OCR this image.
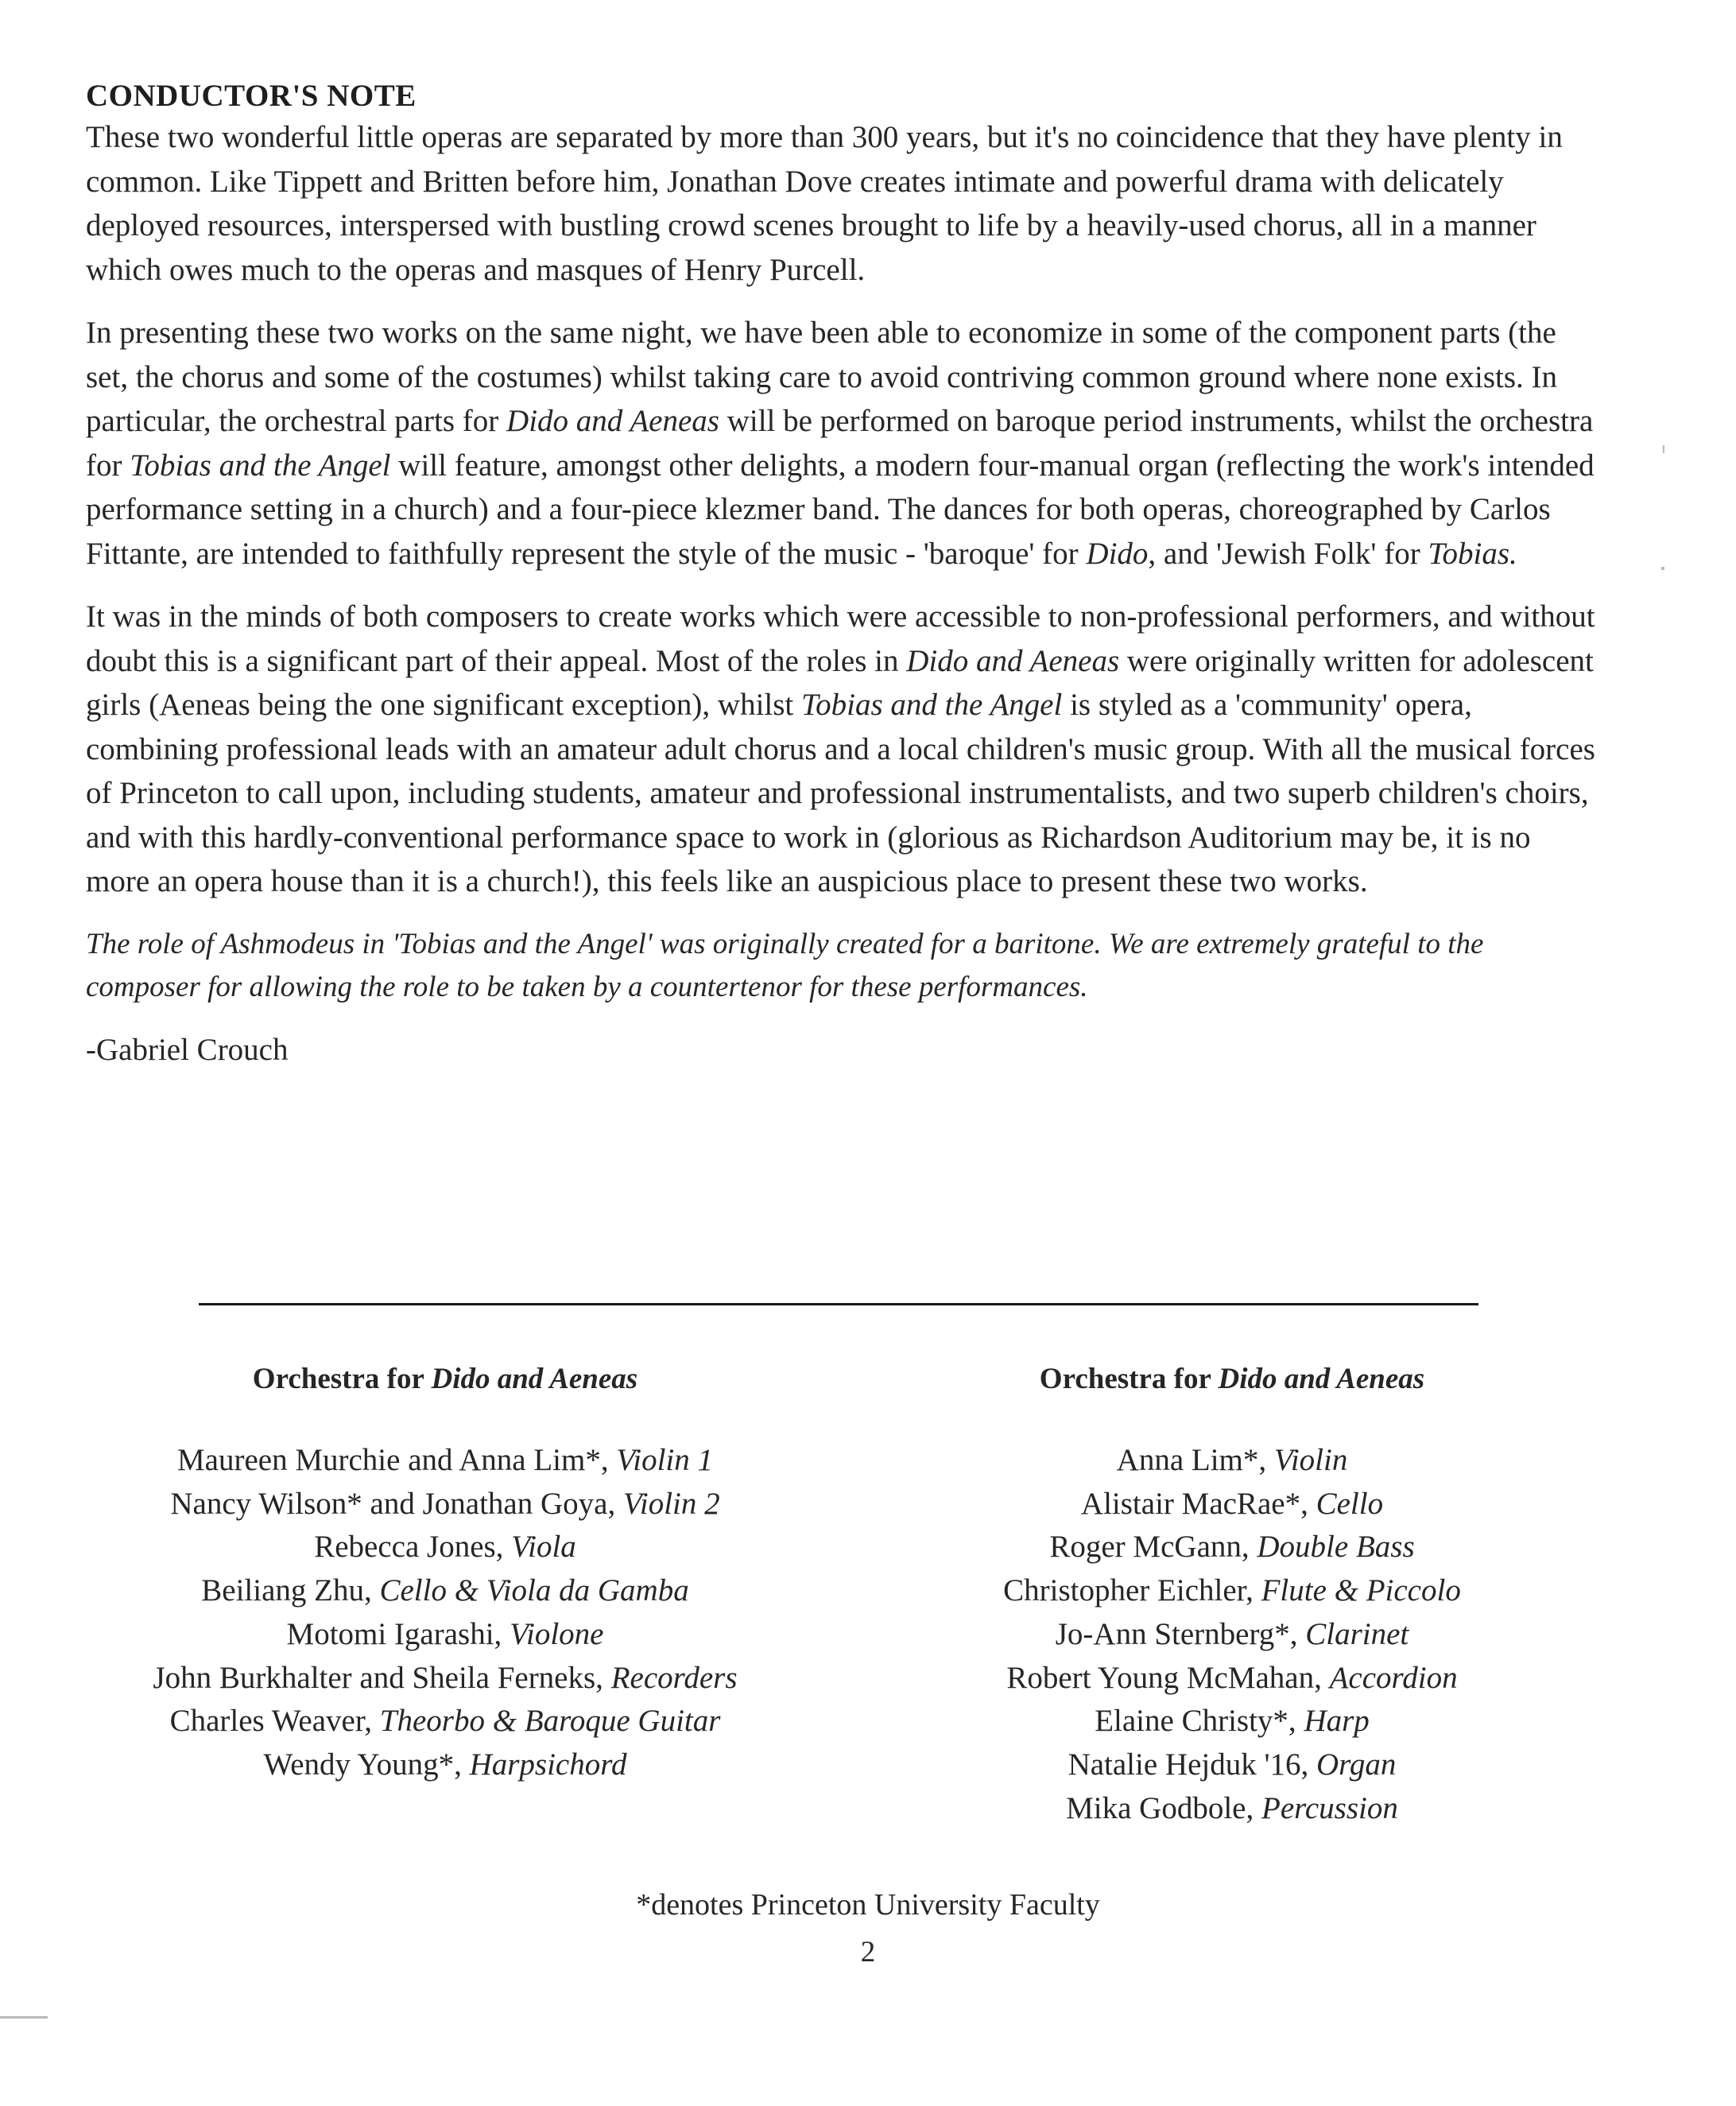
CONDUCTOR'S NOTE

These two wonderful little operas are separated by more than 300 years, but it's no coincidence that they have plenty in common. Like Tippett and Britten before him, Jonathan Dove creates intimate and powerful drama with delicately deployed resources, interspersed with bustling crowd scenes brought to life by a heavily-used chorus, all in a manner which owes much to the operas and masques of Henry Purcell.

In presenting these two works on the same night, we have been able to economize in some of the component parts (the set, the chorus and some of the costumes) whilst taking care to avoid contriving common ground where none exists. In particular, the orchestral parts for Dido and Aeneas will be performed on baroque period instruments, whilst the orchestra for Tobias and the Angel will feature, amongst other delights, a modern four-manual organ (reflecting the work's intended performance setting in a church) and a four-piece klezmer band. The dances for both operas, choreographed by Carlos Fittante, are intended to faithfully represent the style of the music - 'baroque' for Dido, and 'Jewish Folk' for Tobias.

It was in the minds of both composers to create works which were accessible to non-professional performers, and without doubt this is a significant part of their appeal. Most of the roles in Dido and Aeneas were originally written for adolescent girls (Aeneas being the one significant exception), whilst Tobias and the Angel is styled as a 'community' opera, combining professional leads with an amateur adult chorus and a local children's music group. With all the musical forces of Princeton to call upon, including students, amateur and professional instrumentalists, and two superb children's choirs, and with this hardly-conventional performance space to work in (glorious as Richardson Auditorium may be, it is no more an opera house than it is a church!), this feels like an auspicious place to present these two works.

The role of Ashmodeus in 'Tobias and the Angel' was originally created for a baritone. We are extremely grateful to the composer for allowing the role to be taken by a countertenor for these performances.

-Gabriel Crouch

Orchestra for Dido and Aeneas
Maureen Murchie and Anna Lim*, Violin 1
Nancy Wilson* and Jonathan Goya, Violin 2
Rebecca Jones, Viola
Beiliang Zhu, Cello & Viola da Gamba
Motomi Igarashi, Violone
John Burkhalter and Sheila Ferneks, Recorders
Charles Weaver, Theorbo & Baroque Guitar
Wendy Young*, Harpsichord
Orchestra for Dido and Aeneas
Anna Lim*, Violin
Alistair MacRae*, Cello
Roger McGann, Double Bass
Christopher Eichler, Flute & Piccolo
Jo-Ann Sternberg*, Clarinet
Robert Young McMahan, Accordion
Elaine Christy*, Harp
Natalie Hejduk '16, Organ
Mika Godbole, Percussion

*denotes Princeton University Faculty

2
